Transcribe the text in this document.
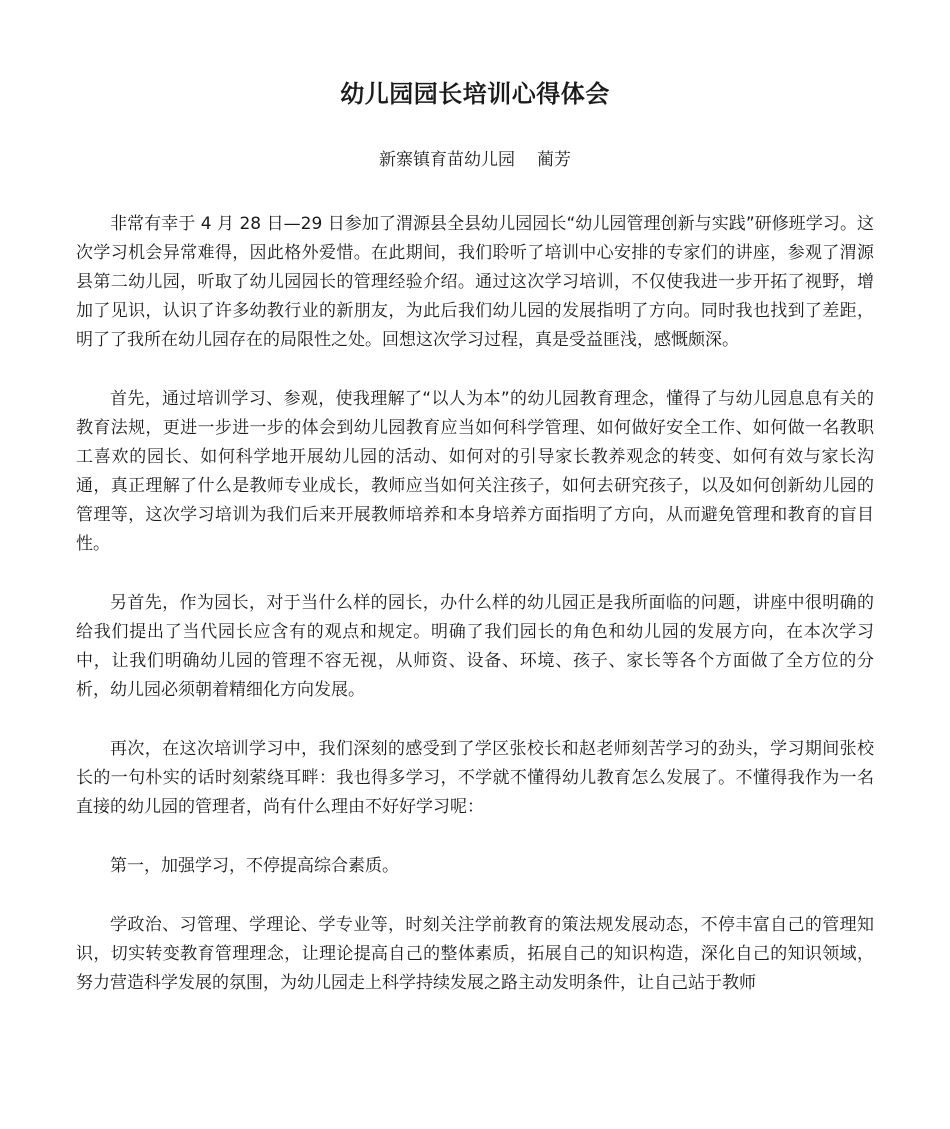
幼儿园园长培训心得体会

新寨镇育苗幼儿园 蔺芳

非常有幸于 4 月 28 日—29 日参加了渭源县全县幼儿园园长“幼儿园管理创新与实践”研修班学习。这次学习机会异常难得，因此格外爱惜。在此期间，我们聆听了培训中心安排的专家们的讲座，参观了渭源县第二幼儿园，听取了幼儿园园长的管理经验介绍。通过这次学习培训，不仅使我进一步开拓了视野，增加了见识，认识了许多幼教行业的新朋友，为此后我们幼儿园的发展指明了方向。同时我也找到了差距，明了了我所在幼儿园存在的局限性之处。回想这次学习过程，真是受益匪浅，感慨颇深。

首先，通过培训学习、参观，使我理解了“以人为本”的幼儿园教育理念，懂得了与幼儿园息息有关的教育法规，更进一步进一步的体会到幼儿园教育应当如何科学管理、如何做好安全工作、如何做一名教职工喜欢的园长、如何科学地开展幼儿园的活动、如何对的引导家长教养观念的转变、如何有效与家长沟通，真正理解了什么是教师专业成长，教师应当如何关注孩子，如何去研究孩子，以及如何创新幼儿园的管理等，这次学习培训为我们后来开展教师培养和本身培养方面指明了方向，从而避免管理和教育的盲目性。

另首先，作为园长，对于当什么样的园长，办什么样的幼儿园正是我所面临的问题，讲座中很明确的给我们提出了当代园长应含有的观点和规定。明确了我们园长的角色和幼儿园的发展方向，在本次学习中，让我们明确幼儿园的管理不容无视，从师资、设备、环境、孩子、家长等各个方面做了全方位的分析，幼儿园必须朝着精细化方向发展。

再次，在这次培训学习中，我们深刻的感受到了学区张校长和赵老师刻苦学习的劲头，学习期间张校长的一句朴实的话时刻萦绕耳畔：我也得多学习，不学就不懂得幼儿教育怎么发展了。不懂得我作为一名直接的幼儿园的管理者，尚有什么理由不好好学习呢：

第一，加强学习，不停提高综合素质。

学政治、习管理、学理论、学专业等，时刻关注学前教育的策法规发展动态，不停丰富自己的管理知识，切实转变教育管理理念，让理论提高自己的整体素质，拓展自己的知识构造，深化自己的知识领域，努力营造科学发展的氛围，为幼儿园走上科学持续发展之路主动发明条件，让自己站于教师
